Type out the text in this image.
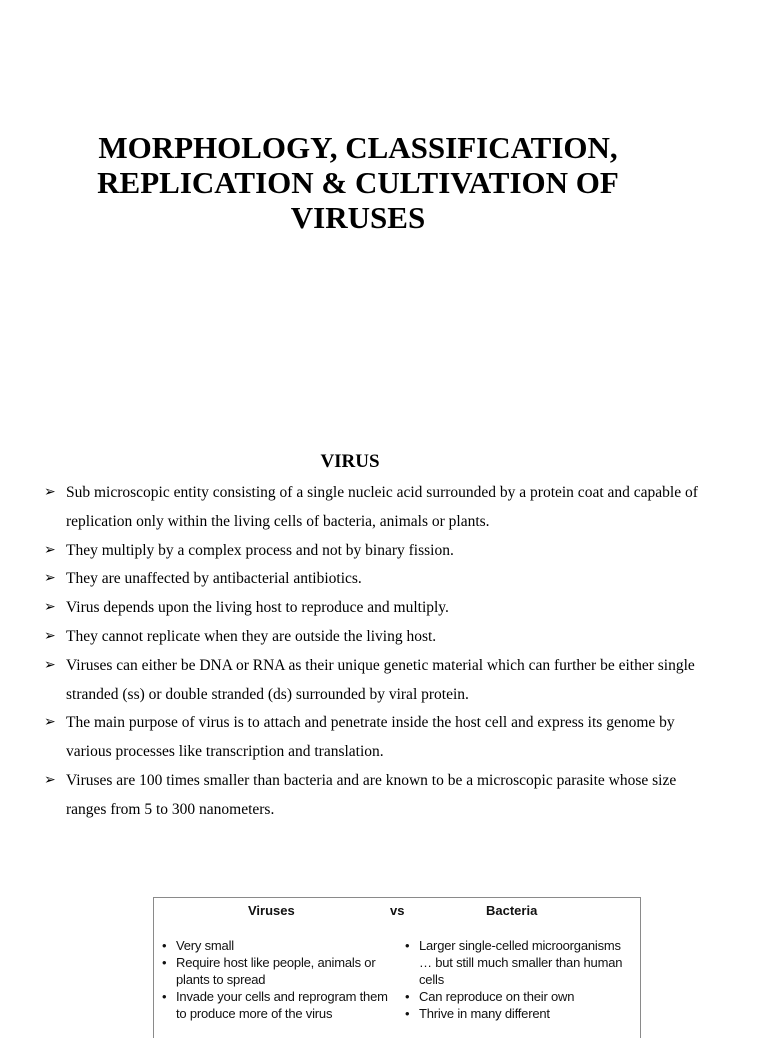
MORPHOLOGY, CLASSIFICATION,
REPLICATION & CULTIVATION OF
VIRUSES
VIRUS
➢ Sub microscopic entity consisting of a single nucleic acid surrounded by a protein coat and capable of replication only within the living cells of bacteria, animals or plants.
➢ They multiply by a complex process and not by binary fission.
➢ They are unaffected by antibacterial antibiotics.
➢ Virus depends upon the living host to reproduce and multiply.
➢ They cannot replicate when they are outside the living host.
➢ Viruses can either be DNA or RNA as their unique genetic material which can further be either single stranded (ss) or double stranded (ds) surrounded by viral protein.
➢ The main purpose of virus is to attach and penetrate inside the host cell and express its genome by various processes like transcription and translation.
➢ Viruses are 100 times smaller than bacteria and are known to be a microscopic parasite whose size ranges from 5 to 300 nanometers.
Viruses	vs	Bacteria
• Very small
• Require host like people, animals or plants to spread
• Invade your cells and reprogram them to produce more of the virus
• Larger single-celled microorganisms … but still much smaller than human cells
• Can reproduce on their own
• Thrive in many different
